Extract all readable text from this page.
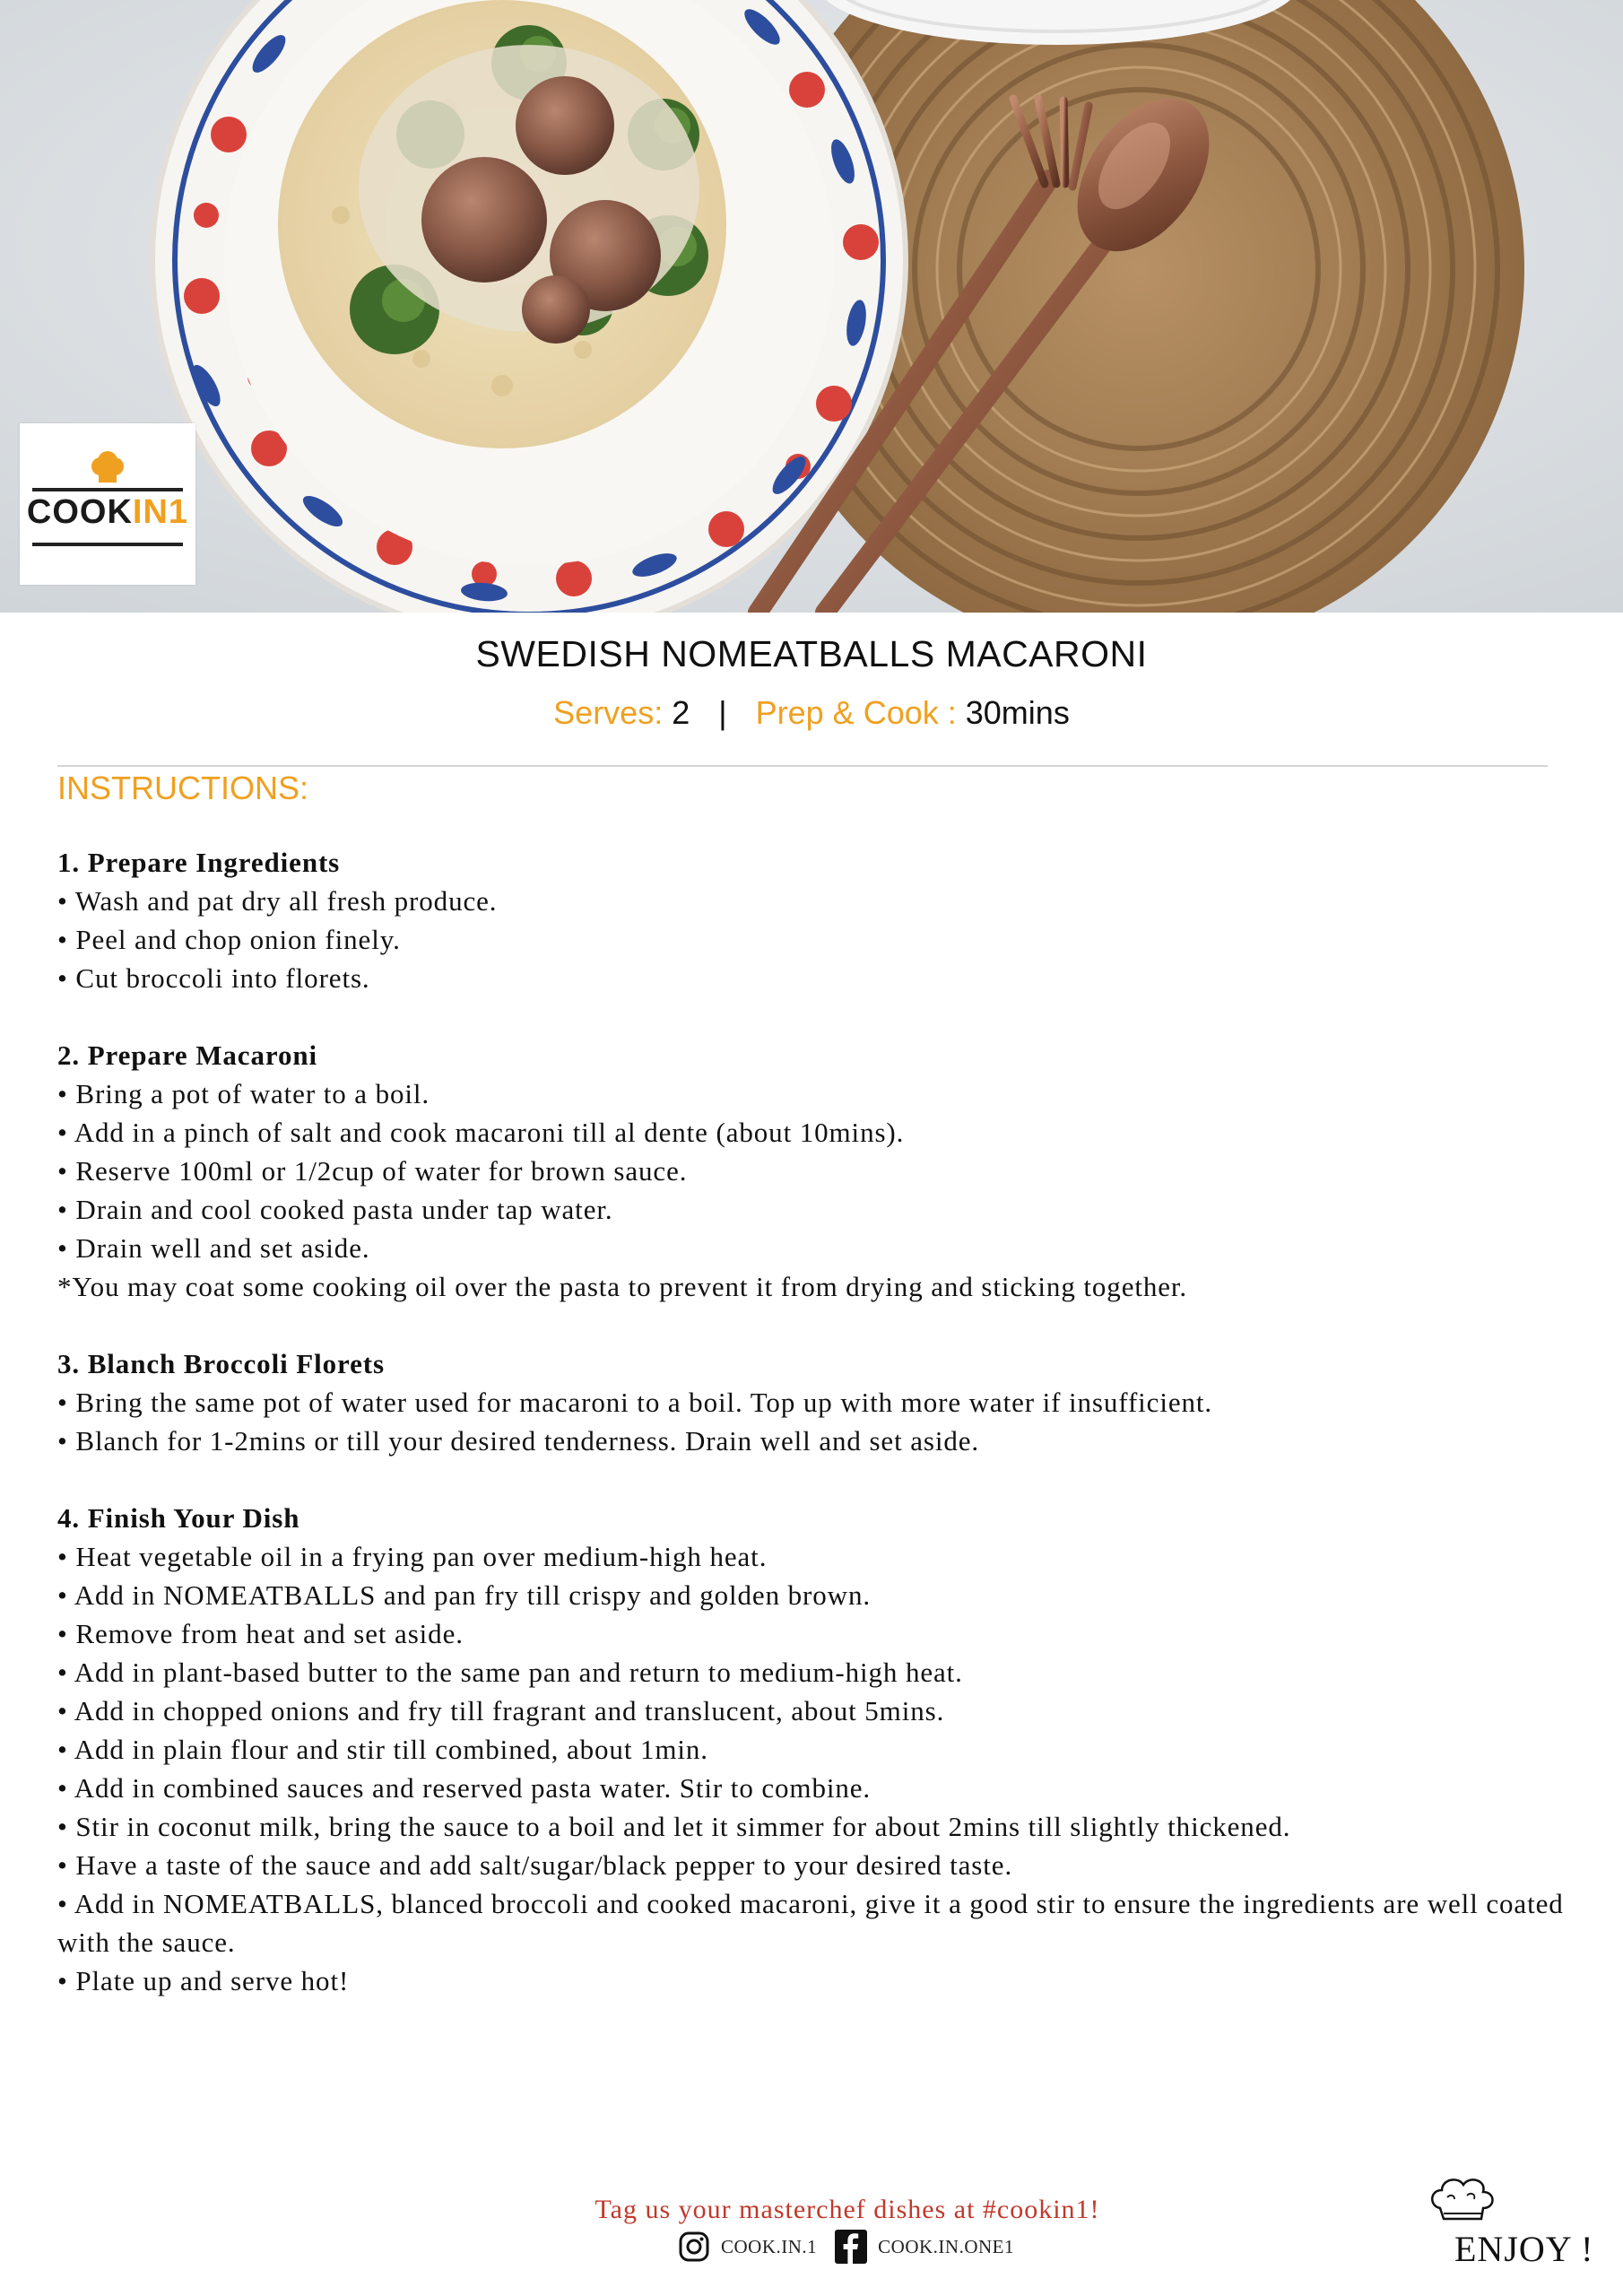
COOKIN1
SWEDISH NOMEATBALLS MACARONI
Serves: 2 | Prep & Cook : 30mins
INSTRUCTIONS:
1. Prepare Ingredients
• Wash and pat dry all fresh produce.
• Peel and chop onion finely.
• Cut broccoli into florets.
2. Prepare Macaroni
• Bring a pot of water to a boil.
• Add in a pinch of salt and cook macaroni till al dente (about 10mins).
• Reserve 100ml or 1/2cup of water for brown sauce.
• Drain and cool cooked pasta under tap water.
• Drain well and set aside.
*You may coat some cooking oil over the pasta to prevent it from drying and sticking together.
3. Blanch Broccoli Florets
• Bring the same pot of water used for macaroni to a boil. Top up with more water if insufficient.
• Blanch for 1-2mins or till your desired tenderness. Drain well and set aside.
4. Finish Your Dish
• Heat vegetable oil in a frying pan over medium-high heat.
• Add in NOMEATBALLS and pan fry till crispy and golden brown.
• Remove from heat and set aside.
• Add in plant-based butter to the same pan and return to medium-high heat.
• Add in chopped onions and fry till fragrant and translucent, about 5mins.
• Add in plain flour and stir till combined, about 1min.
• Add in combined sauces and reserved pasta water. Stir to combine.
• Stir in coconut milk, bring the sauce to a boil and let it simmer for about 2mins till slightly thickened.
• Have a taste of the sauce and add salt/sugar/black pepper to your desired taste.
• Add in NOMEATBALLS, blanced broccoli and cooked macaroni, give it a good stir to ensure the ingredients are well coated with the sauce.
• Plate up and serve hot!
Tag us your masterchef dishes at #cookin1!
COOK.IN.1	COOK.IN.ONE1	ENJOY !
